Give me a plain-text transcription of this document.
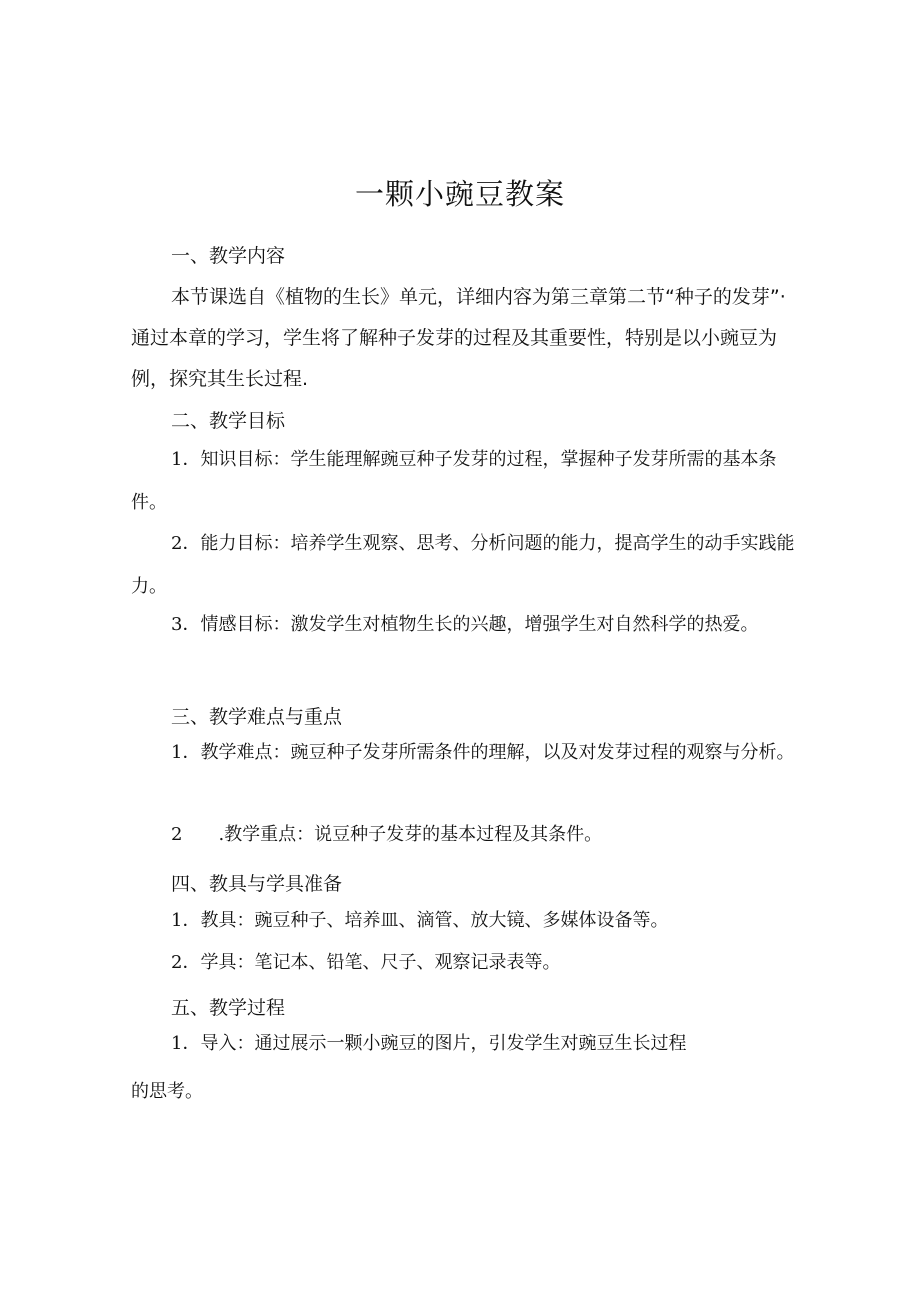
一颗小豌豆教案
一、教学内容
本节课选自《植物的生长》单元，详细内容为第三章第二节“种子的发芽”·通过本章的学习，学生将了解种子发芽的过程及其重要性，特别是以小豌豆为例，探究其生长过程.
二、教学目标
1．知识目标：学生能理解豌豆种子发芽的过程，掌握种子发芽所需的基本条件。
2．能力目标：培养学生观察、思考、分析问题的能力，提高学生的动手实践能力。
3．情感目标：激发学生对植物生长的兴趣，增强学生对自然科学的热爱。
三、教学难点与重点
1．教学难点：豌豆种子发芽所需条件的理解，以及对发芽过程的观察与分析。
2　　.教学重点：说豆种子发芽的基本过程及其条件。
四、教具与学具准备
1．教具：豌豆种子、培养皿、滴管、放大镜、多媒体设备等。
2．学具：笔记本、铅笔、尺子、观察记录表等。
五、教学过程
1．导入：通过展示一颗小豌豆的图片，引发学生对豌豆生长过程
的思考。
